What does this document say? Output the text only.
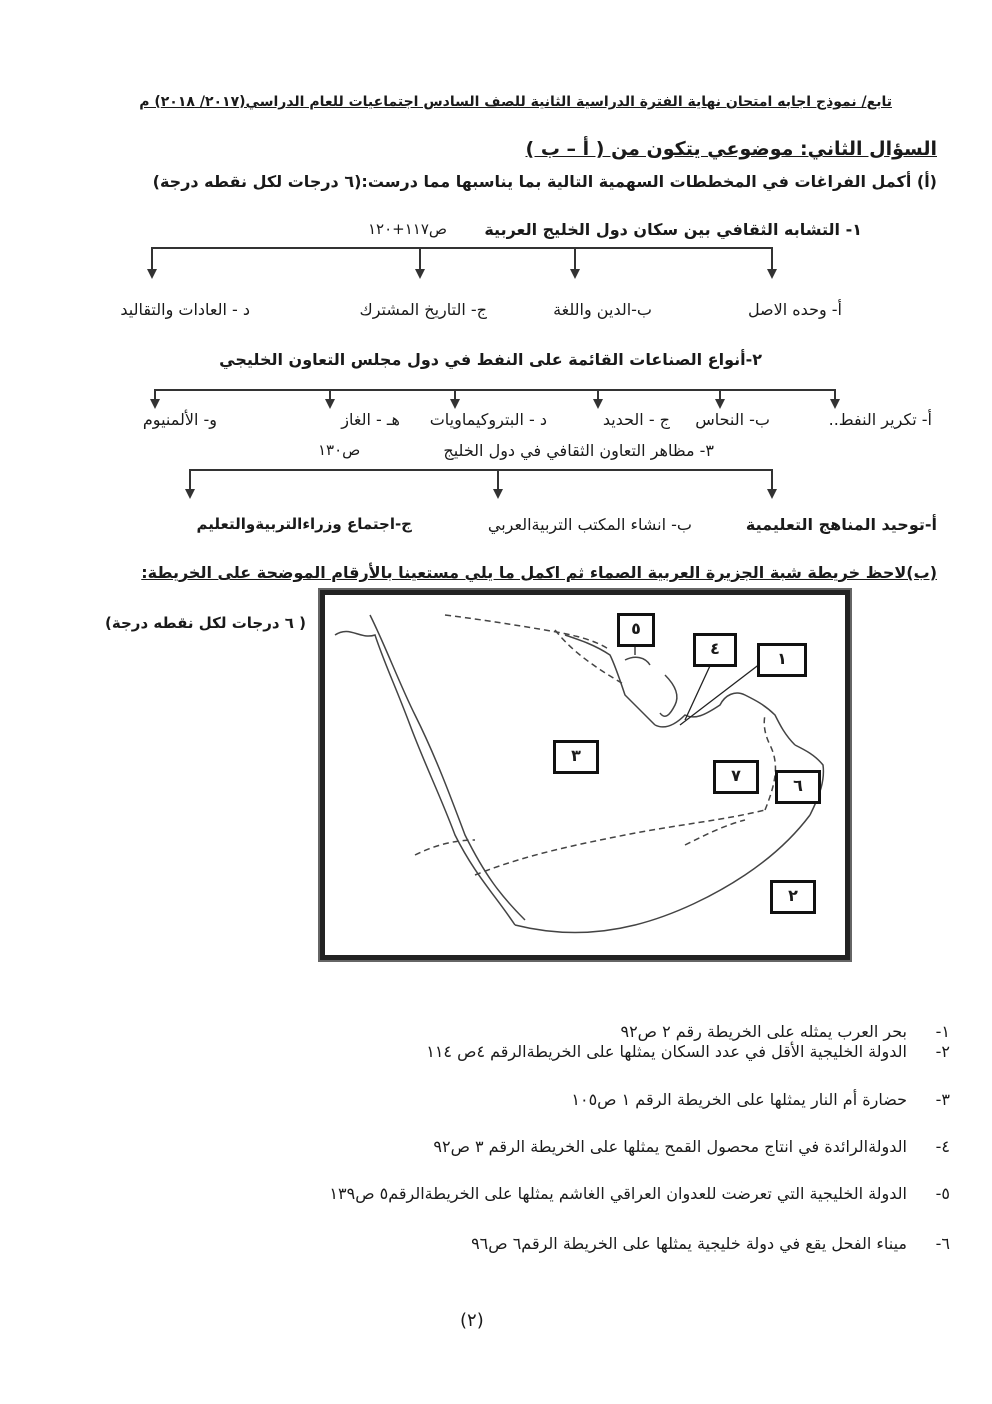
تابع/ نموذج اجابه امتحان نهاية الفترة الدراسية الثانية للصف السادس اجتماعيات للعام الدراسي(٢٠١٧/ ٢٠١٨) م
السؤال الثاني: موضوعي يتكون من ( أ – ب )
(أ) أكمل الفراغات في المخططات السهمية التالية بما يناسبها مما درست:(٦ درجات لكل نقطه درجة)
١- التشابه الثقافي بين سكان دول الخليج العربية
ص١١٧+١٢٠
أ- وحده الاصل
ب-الدين واللغة
ج- التاريخ المشترك
د - العادات والتقاليد
٢-أنواع الصناعات القائمة على النفط في دول مجلس التعاون الخليجي
أ- تكرير النفط..
ب- النحاس
ج - الحديد
د - البتروكيماويات
هـ - الغاز
و- الألمنيوم
٣- مظاهر التعاون الثقافي في دول الخليج
ص١٣٠
أ-توحيد المناهج التعليمية
ب- انشاء المكتب التربيةالعربي
ج-اجتماع وزراءالتربيةوالتعليم
(ب)لاحظ خريطة شبة الجزيرة العربية الصماء ثم اكمل ما يلي مستعينا بالأرقام الموضحة على الخريطة:
( ٦ درجات لكل نقطه درجة)	٥
٤
١
٣
٧
٦
٢
١-
بحر العرب يمثله على الخريطة رقم ٢ ص٩٢
٢-
الدولة الخليجية الأقل في عدد السكان يمثلها على الخريطةالرقم ٤ص ١١٤
٣-
حضارة أم النار يمثلها على الخريطة الرقم ١ ص١٠٥
٤-
الدولةالرائدة في انتاج محصول القمح يمثلها على الخريطة الرقم ٣ ص٩٢
٥-
الدولة الخليجية التي تعرضت للعدوان العراقي الغاشم يمثلها على الخريطةالرقم٥ ص١٣٩
٦-
ميناء الفحل يقع في دولة خليجية يمثلها على الخريطة الرقم٦ ص٩٦
(٢)
